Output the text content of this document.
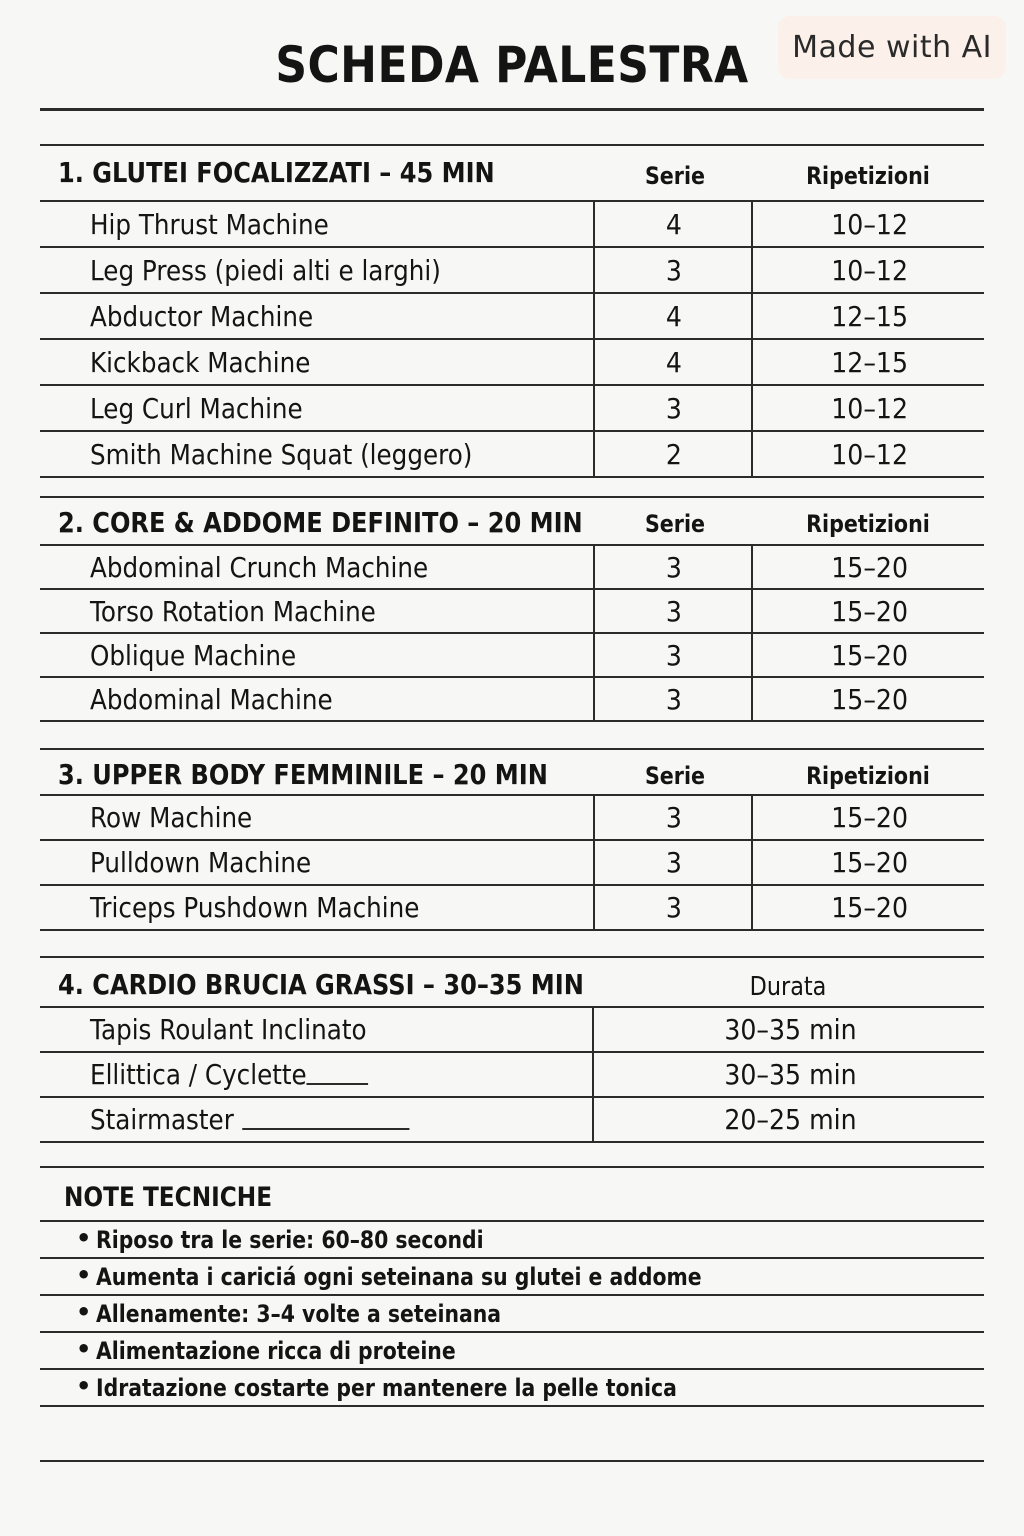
Made with AI
SCHEDA PALESTRA
1. GLUTEI FOCALIZZATI – 45 MIN	Serie	Ripetizioni
Hip Thrust Machine	4	10–12
Leg Press (piedi alti e larghi)	3	10–12
Abductor Machine	4	12–15
Kickback Machine	4	12–15
Leg Curl Machine	3	10–12
Smith Machine Squat (leggero)	2	10–12
2. CORE & ADDOME DEFINITO – 20 MIN	Serie	Ripetizioni
Abdominal Crunch Machine	3	15–20
Torso Rotation Machine	3	15–20
Oblique Machine	3	15–20
Abdominal Machine	3	15–20
3. UPPER BODY FEMMINILE – 20 MIN	Serie	Ripetizioni
Row Machine	3	15–20
Pulldown Machine	3	15–20
Triceps Pushdown Machine	3	15–20
4. CARDIO BRUCIA GRASSI – 30–35 MIN	Durata
Tapis Roulant Inclinato	30–35 min
Ellittica / Cyclette	30–35 min
Stairmaster	20–25 min
NOTE TECNICHE
• Riposo tra le serie: 60–80 secondi
• Aumenta i cariciá ogni seteinana su glutei e addome
• Allenamente: 3–4 volte a seteinana
• Alimentazione ricca di proteine
• Idratazione costarte per mantenere la pelle tonica
